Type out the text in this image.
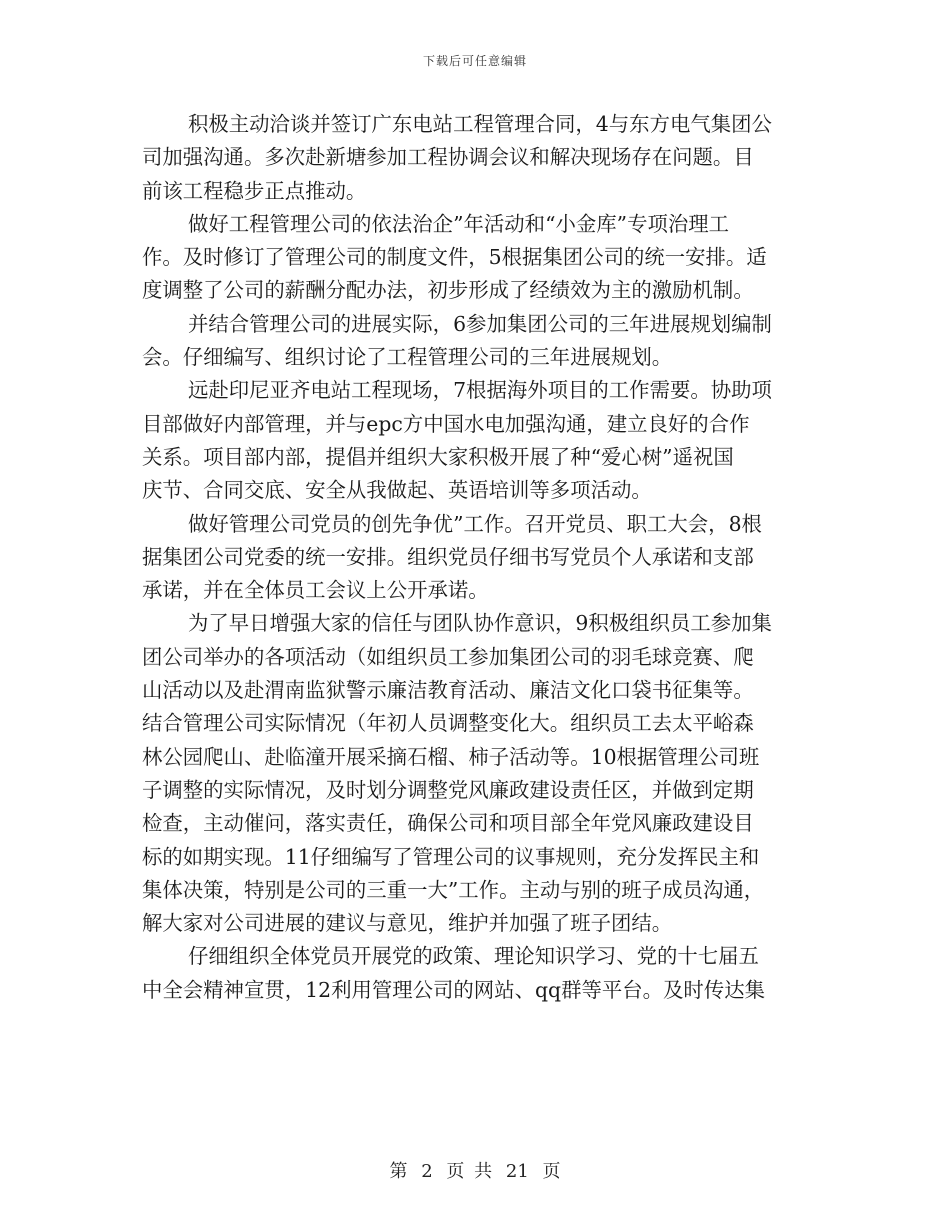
下载后可任意编辑
积极主动洽谈并签订广东电站工程管理合同，4与东方电气集团公
司加强沟通。多次赴新塘参加工程协调会议和解决现场存在问题。目
前该工程稳步正点推动。
做好工程管理公司的依法治企”年活动和“小金库”专项治理工
作。及时修订了管理公司的制度文件，5根据集团公司的统一安排。适
度调整了公司的薪酬分配办法，初步形成了经绩效为主的激励机制。
并结合管理公司的进展实际，6参加集团公司的三年进展规划编制
会。仔细编写、组织讨论了工程管理公司的三年进展规划。
远赴印尼亚齐电站工程现场，7根据海外项目的工作需要。协助项
目部做好内部管理，并与epc方中国水电加强沟通，建立良好的合作
关系。项目部内部，提倡并组织大家积极开展了种“爱心树”遥祝国
庆节、合同交底、安全从我做起、英语培训等多项活动。
做好管理公司党员的创先争优”工作。召开党员、职工大会，8根
据集团公司党委的统一安排。组织党员仔细书写党员个人承诺和支部
承诺，并在全体员工会议上公开承诺。
为了早日增强大家的信任与团队协作意识，9积极组织员工参加集
团公司举办的各项活动（如组织员工参加集团公司的羽毛球竞赛、爬
山活动以及赴渭南监狱警示廉洁教育活动、廉洁文化口袋书征集等。
结合管理公司实际情况（年初人员调整变化大。组织员工去太平峪森
林公园爬山、赴临潼开展采摘石榴、柿子活动等。10根据管理公司班
子调整的实际情况，及时划分调整党风廉政建设责任区，并做到定期
检查，主动催问，落实责任，确保公司和项目部全年党风廉政建设目
标的如期实现。11仔细编写了管理公司的议事规则，充分发挥民主和
集体决策，特别是公司的三重一大”工作。主动与别的班子成员沟通，
解大家对公司进展的建议与意见，维护并加强了班子团结。
仔细组织全体党员开展党的政策、理论知识学习、党的十七届五
中全会精神宣贯，12利用管理公司的网站、qq群等平台。及时传达集
第 2 页 共 21 页
